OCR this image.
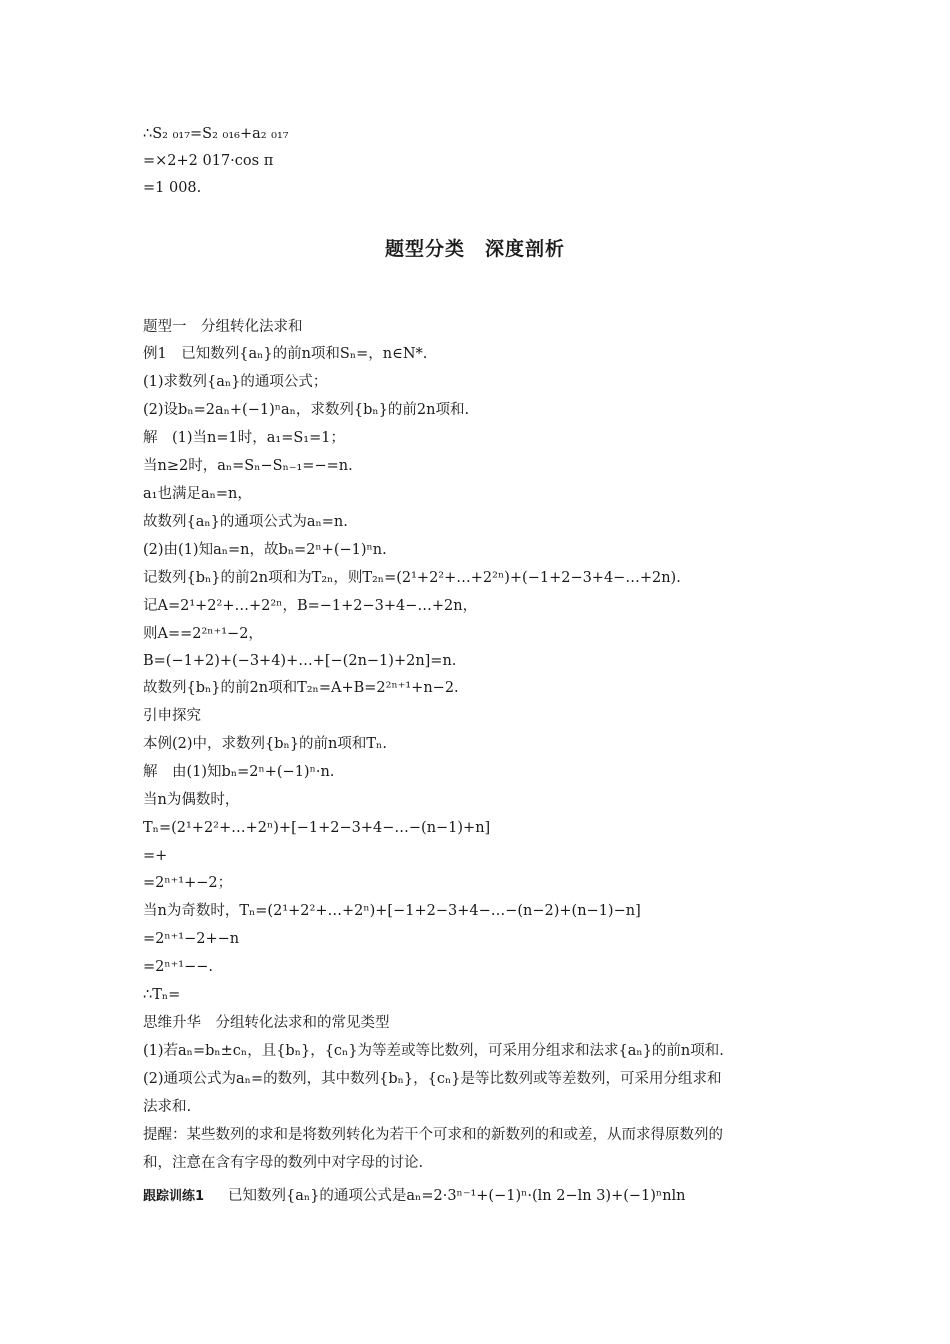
∴S₂ ₀₁₇=S₂ ₀₁₆+a₂ ₀₁₇
=×2+2 017·cos π
=1 008.
题型分类　深度剖析
题型一　分组转化法求和
例1　已知数列{aₙ}的前n项和Sₙ=，n∈N*.
(1)求数列{aₙ}的通项公式；
(2)设bₙ=2aₙ+(−1)ⁿaₙ，求数列{bₙ}的前2n项和.
解　(1)当n=1时，a₁=S₁=1；
当n≥2时，aₙ=Sₙ−Sₙ₋₁=−=n.
a₁也满足aₙ=n，
故数列{aₙ}的通项公式为aₙ=n.
(2)由(1)知aₙ=n，故bₙ=2ⁿ+(−1)ⁿn.
记数列{bₙ}的前2n项和为T₂ₙ，则T₂ₙ=(2¹+2²+…+2²ⁿ)+(−1+2−3+4−…+2n).
记A=2¹+2²+…+2²ⁿ，B=−1+2−3+4−…+2n，
则A==2²ⁿ⁺¹−2，
B=(−1+2)+(−3+4)+…+[−(2n−1)+2n]=n.
故数列{bₙ}的前2n项和T₂ₙ=A+B=2²ⁿ⁺¹+n−2.
引申探究
本例(2)中，求数列{bₙ}的前n项和Tₙ.
解　由(1)知bₙ=2ⁿ+(−1)ⁿ·n.
当n为偶数时，
Tₙ=(2¹+2²+…+2ⁿ)+[−1+2−3+4−…−(n−1)+n]
=+
=2ⁿ⁺¹+−2；
当n为奇数时，Tₙ=(2¹+2²+…+2ⁿ)+[−1+2−3+4−…−(n−2)+(n−1)−n]
=2ⁿ⁺¹−2+−n
=2ⁿ⁺¹−−.
∴Tₙ=
思维升华　分组转化法求和的常见类型
(1)若aₙ=bₙ±cₙ，且{bₙ}，{cₙ}为等差或等比数列，可采用分组求和法求{aₙ}的前n项和.
(2)通项公式为aₙ=的数列，其中数列{bₙ}，{cₙ}是等比数列或等差数列，可采用分组求和
法求和.
提醒：某些数列的求和是将数列转化为若干个可求和的新数列的和或差，从而求得原数列的
和，注意在含有字母的数列中对字母的讨论.
跟踪训练1 已知数列{aₙ}的通项公式是aₙ=2·3ⁿ⁻¹+(−1)ⁿ·(ln 2−ln 3)+(−1)ⁿnln
